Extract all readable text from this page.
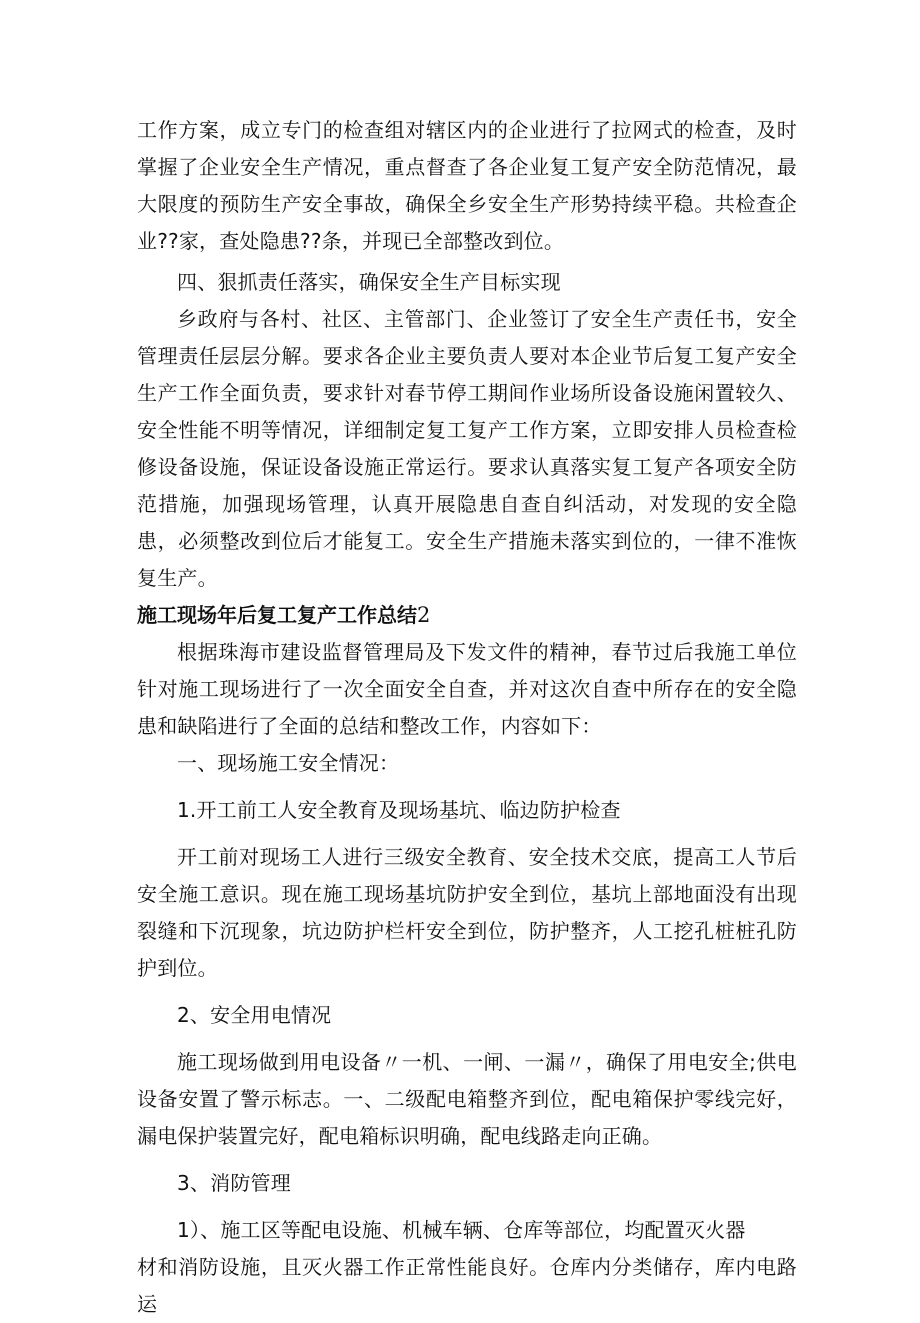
工作方案，成立专门的检查组对辖区内的企业进行了拉网式的检查，及时掌握了企业安全生产情况，重点督查了各企业复工复产安全防范情况，最大限度的预防生产安全事故，确保全乡安全生产形势持续平稳。共检查企业??家，查处隐患??条，并现已全部整改到位。

四、狠抓责任落实，确保安全生产目标实现

乡政府与各村、社区、主管部门、企业签订了安全生产责任书，安全管理责任层层分解。要求各企业主要负责人要对本企业节后复工复产安全生产工作全面负责，要求针对春节停工期间作业场所设备设施闲置较久、安全性能不明等情况，详细制定复工复产工作方案，立即安排人员检查检修设备设施，保证设备设施正常运行。要求认真落实复工复产各项安全防范措施，加强现场管理，认真开展隐患自查自纠活动，对发现的安全隐患，必须整改到位后才能复工。安全生产措施未落实到位的，一律不准恢复生产。

施工现场年后复工复产工作总结2

根据珠海市建设监督管理局及下发文件的精神，春节过后我施工单位针对施工现场进行了一次全面安全自查，并对这次自查中所存在的安全隐患和缺陷进行了全面的总结和整改工作，内容如下：

一、现场施工安全情况：

1.开工前工人安全教育及现场基坑、临边防护检查

开工前对现场工人进行三级安全教育、安全技术交底，提高工人节后安全施工意识。现在施工现场基坑防护安全到位，基坑上部地面没有出现裂缝和下沉现象，坑边防护栏杆安全到位，防护整齐，人工挖孔桩桩孔防护到位。

2、安全用电情况

施工现场做到用电设备〃一机、一闸、一漏〃，确保了用电安全;供电设备安置了警示标志。一、二级配电箱整齐到位，配电箱保护零线完好，漏电保护装置完好，配电箱标识明确，配电线路走向正确。

3、消防管理

1）、施工区等配电设施、机械车辆、仓库等部位，均配置灭火器

材和消防设施，且灭火器工作正常性能良好。仓库内分类储存，库内电路运
